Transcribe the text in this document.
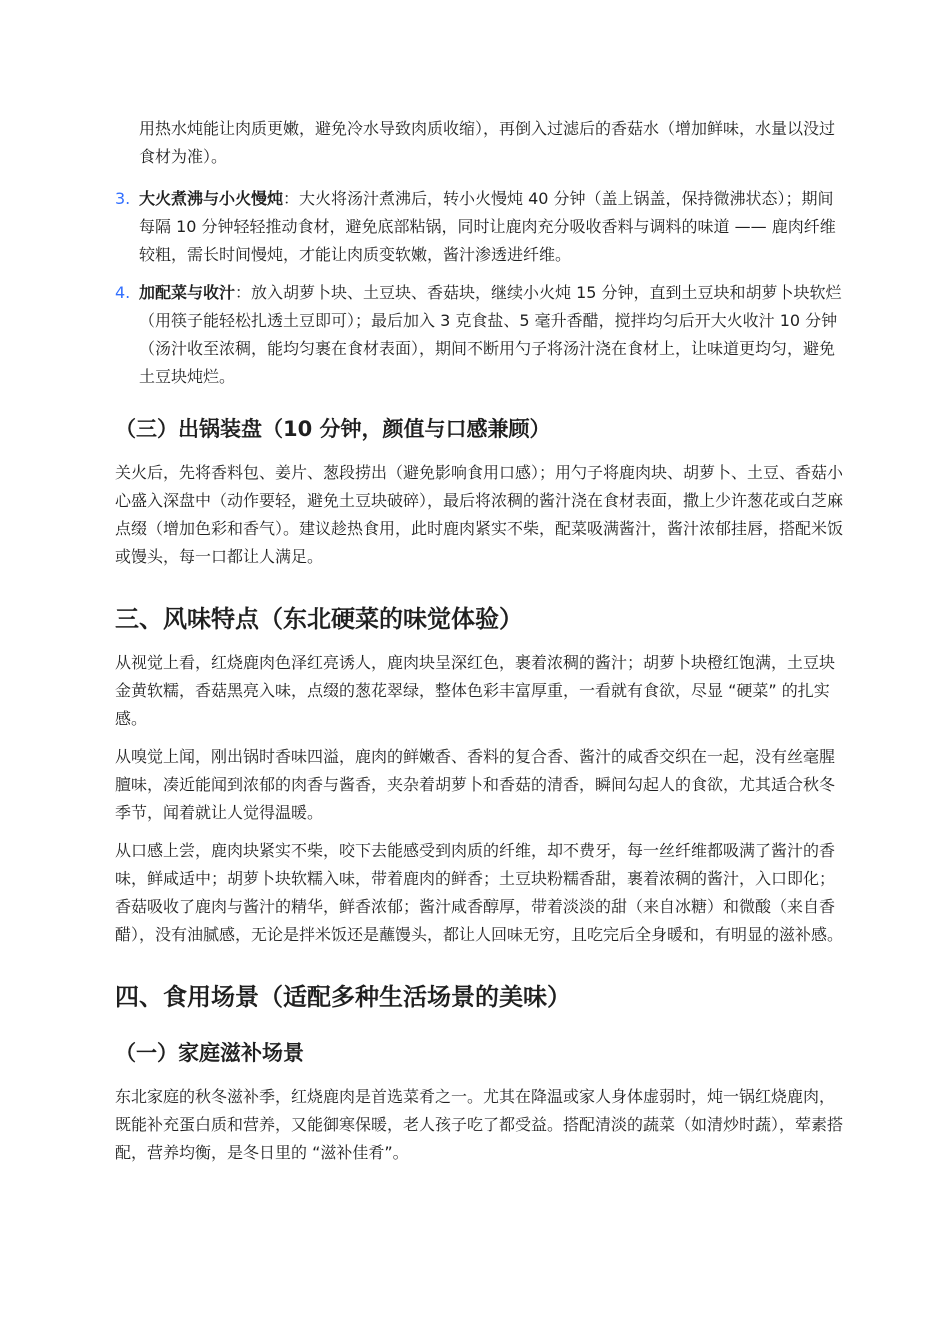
用热水炖能让肉质更嫩，避免冷水导致肉质收缩），再倒入过滤后的香菇水（增加鲜味，水量以没过食材为准）。

3. 大火煮沸与小火慢炖：大火将汤汁煮沸后，转小火慢炖 40 分钟（盖上锅盖，保持微沸状态）；期间每隔 10 分钟轻轻推动食材，避免底部粘锅，同时让鹿肉充分吸收香料与调料的味道 —— 鹿肉纤维较粗，需长时间慢炖，才能让肉质变软嫩，酱汁渗透进纤维。

4. 加配菜与收汁：放入胡萝卜块、土豆块、香菇块，继续小火炖 15 分钟，直到土豆块和胡萝卜块软烂（用筷子能轻松扎透土豆即可）；最后加入 3 克食盐、5 毫升香醋，搅拌均匀后开大火收汁 10 分钟（汤汁收至浓稠，能均匀裹在食材表面），期间不断用勺子将汤汁浇在食材上，让味道更均匀，避免土豆块炖烂。

（三）出锅装盘（10 分钟，颜值与口感兼顾）

关火后，先将香料包、姜片、葱段捞出（避免影响食用口感）；用勺子将鹿肉块、胡萝卜、土豆、香菇小心盛入深盘中（动作要轻，避免土豆块破碎），最后将浓稠的酱汁浇在食材表面，撒上少许葱花或白芝麻点缀（增加色彩和香气）。建议趁热食用，此时鹿肉紧实不柴，配菜吸满酱汁，酱汁浓郁挂唇，搭配米饭或馒头，每一口都让人满足。

三、风味特点（东北硬菜的味觉体验）

从视觉上看，红烧鹿肉色泽红亮诱人，鹿肉块呈深红色，裹着浓稠的酱汁；胡萝卜块橙红饱满，土豆块金黄软糯，香菇黑亮入味，点缀的葱花翠绿，整体色彩丰富厚重，一看就有食欲，尽显 “硬菜” 的扎实感。

从嗅觉上闻，刚出锅时香味四溢，鹿肉的鲜嫩香、香料的复合香、酱汁的咸香交织在一起，没有丝毫腥膻味，凑近能闻到浓郁的肉香与酱香，夹杂着胡萝卜和香菇的清香，瞬间勾起人的食欲，尤其适合秋冬季节，闻着就让人觉得温暖。

从口感上尝，鹿肉块紧实不柴，咬下去能感受到肉质的纤维，却不费牙，每一丝纤维都吸满了酱汁的香味，鲜咸适中；胡萝卜块软糯入味，带着鹿肉的鲜香；土豆块粉糯香甜，裹着浓稠的酱汁，入口即化；香菇吸收了鹿肉与酱汁的精华，鲜香浓郁；酱汁咸香醇厚，带着淡淡的甜（来自冰糖）和微酸（来自香醋），没有油腻感，无论是拌米饭还是蘸馒头，都让人回味无穷，且吃完后全身暖和，有明显的滋补感。

四、食用场景（适配多种生活场景的美味）
（一）家庭滋补场景

东北家庭的秋冬滋补季，红烧鹿肉是首选菜肴之一。尤其在降温或家人身体虚弱时，炖一锅红烧鹿肉，既能补充蛋白质和营养，又能御寒保暖，老人孩子吃了都受益。搭配清淡的蔬菜（如清炒时蔬），荤素搭配，营养均衡，是冬日里的 “滋补佳肴”。
